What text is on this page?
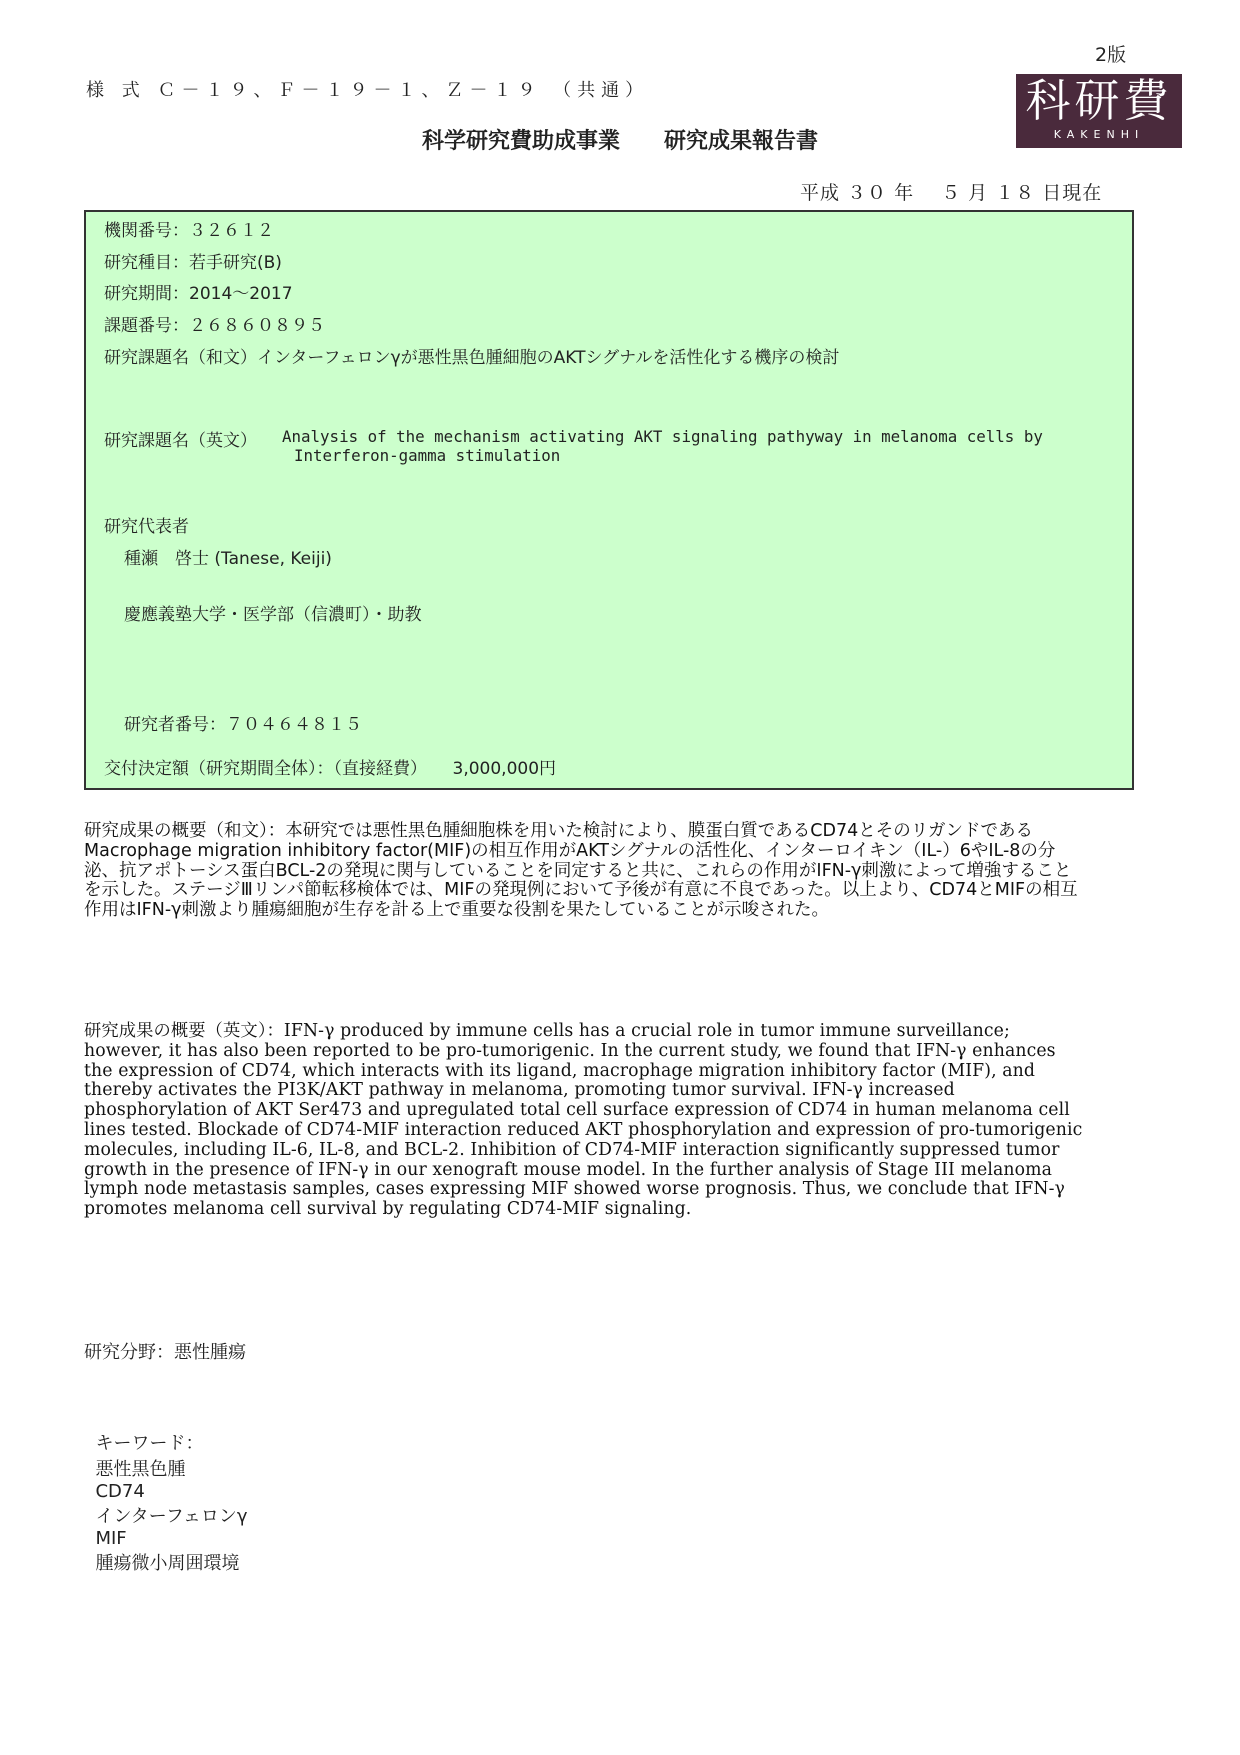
2版
様 式 Ｃ－１９、Ｆ－１９－１、Ｚ－１９ （共通）	科研費
KAKENHI
科学研究費助成事業　　研究成果報告書
平成 ３０ 年　 ５ 月 １８ 日現在
機関番号：３２６１２
研究種目：若手研究(B)
研究期間：2014～2017
課題番号：２６８６０８９５
研究課題名（和文）インターフェロンγが悪性黒色腫細胞のAKTシグナルを活性化する機序の検討
研究課題名（英文） Analysis of the mechanism activating AKT signaling pathyway in melanoma cells by
Interferon-gamma stimulation
研究代表者
種瀬　啓士 (Tanese, Keiji)
慶應義塾大学・医学部（信濃町）・助教
研究者番号：７０４６４８１５
交付決定額（研究期間全体）：（直接経費）　　3,000,000円
研究成果の概要（和文）：本研究では悪性黒色腫細胞株を用いた検討により、膜蛋白質であるCD74とそのリガンドであるMacrophage migration inhibitory factor(MIF)の相互作用がAKTシグナルの活性化、インターロイキン（IL-）6やIL-8の分泌、抗アポトーシス蛋白BCL-2の発現に関与していることを同定すると共に、これらの作用がIFN-γ刺激によって増強することを示した。ステージⅢリンパ節転移検体では、MIFの発現例において予後が有意に不良であった。以上より、CD74とMIFの相互作用はIFN-γ刺激より腫瘍細胞が生存を計る上で重要な役割を果たしていることが示唆された。
研究成果の概要（英文）：IFN-γ produced by immune cells has a crucial role in tumor immune surveillance; however, it has also been reported to be pro-tumorigenic. In the current study, we found that IFN-γ enhances the expression of CD74, which interacts with its ligand, macrophage migration inhibitory factor (MIF), and thereby activates the PI3K/AKT pathway in melanoma, promoting tumor survival. IFN-γ increased phosphorylation of AKT Ser473 and upregulated total cell surface expression of CD74 in human melanoma cell lines tested. Blockade of CD74-MIF interaction reduced AKT phosphorylation and expression of pro-tumorigenic molecules, including IL-6, IL-8, and BCL-2. Inhibition of CD74-MIF interaction significantly suppressed tumor growth in the presence of IFN-γ in our xenograft mouse model. In the further analysis of Stage III melanoma lymph node metastasis samples, cases expressing MIF showed worse prognosis. Thus, we conclude that IFN-γ promotes melanoma cell survival by regulating CD74-MIF signaling.
研究分野：悪性腫瘍

キーワード：
悪性黒色腫
CD74
インターフェロンγ
MIF
腫瘍微小周囲環境
